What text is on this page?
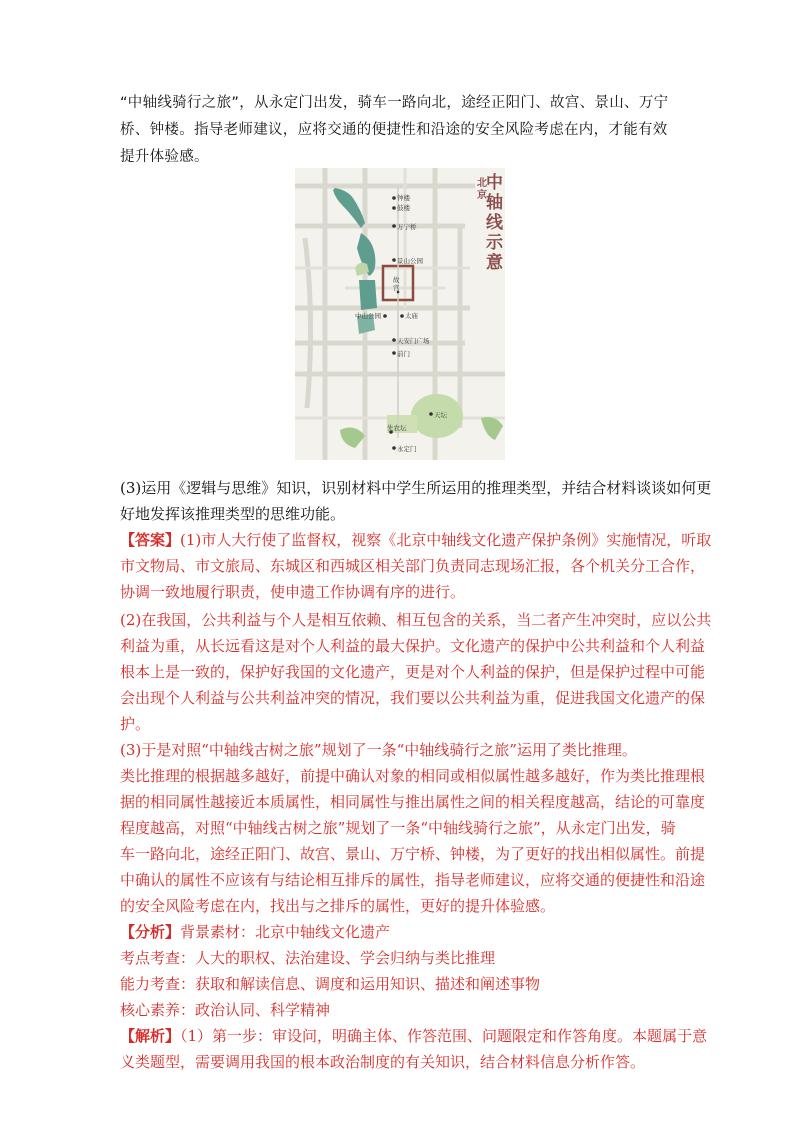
“中轴线骑行之旅”，从永定门出发，骑车一路向北，途经正阳门、故宫、景山、万宁桥、钟楼。指导老师建议，应将交通的便捷性和沿途的安全风险考虑在内，才能有效提升体验感。

钟楼
鼓楼
万宁桥
景山公园
故
宫
中山公园	太庙
天安门广场
前门
天坛
先农坛
永定门
北京
中轴线示意

(3)运用《逻辑与思维》知识，识别材料中学生所运用的推理类型，并结合材料谈谈如何更

好地发挥该推理类型的思维功能。

【答案】(1)市人大行使了监督权，视察《北京中轴线文化遗产保护条例》实施情况，听取

市文物局、市文旅局、东城区和西城区相关部门负责同志现场汇报，各个机关分工合作，

协调一致地履行职责，使申遗工作协调有序的进行。

(2)在我国，公共利益与个人是相互依赖、相互包含的关系，当二者产生冲突时，应以公共

利益为重，从长远看这是对个人利益的最大保护。文化遗产的保护中公共利益和个人利益

根本上是一致的，保护好我国的文化遗产，更是对个人利益的保护，但是保护过程中可能

会出现个人利益与公共利益冲突的情况，我们要以公共利益为重，促进我国文化遗产的保

护。

(3)于是对照“中轴线古树之旅”规划了一条“中轴线骑行之旅”运用了类比推理。

类比推理的根据越多越好，前提中确认对象的相同或相似属性越多越好，作为类比推理根

据的相同属性越接近本质属性，相同属性与推出属性之间的相关程度越高，结论的可靠度

程度越高，对照“中轴线古树之旅”规划了一条“中轴线骑行之旅”，从永定门出发，骑

车一路向北，途经正阳门、故宫、景山、万宁桥、钟楼，为了更好的找出相似属性。前提

中确认的属性不应该有与结论相互排斥的属性，指导老师建议，应将交通的便捷性和沿途

的安全风险考虑在内，找出与之排斥的属性，更好的提升体验感。

【分析】背景素材：北京中轴线文化遗产

考点考查：人大的职权、法治建设、学会归纳与类比推理

能力考查：获取和解读信息、调度和运用知识、描述和阐述事物

核心素养：政治认同、科学精神

【解析】（1）第一步：审设问，明确主体、作答范围、问题限定和作答角度。本题属于意

义类题型，需要调用我国的根本政治制度的有关知识，结合材料信息分析作答。
